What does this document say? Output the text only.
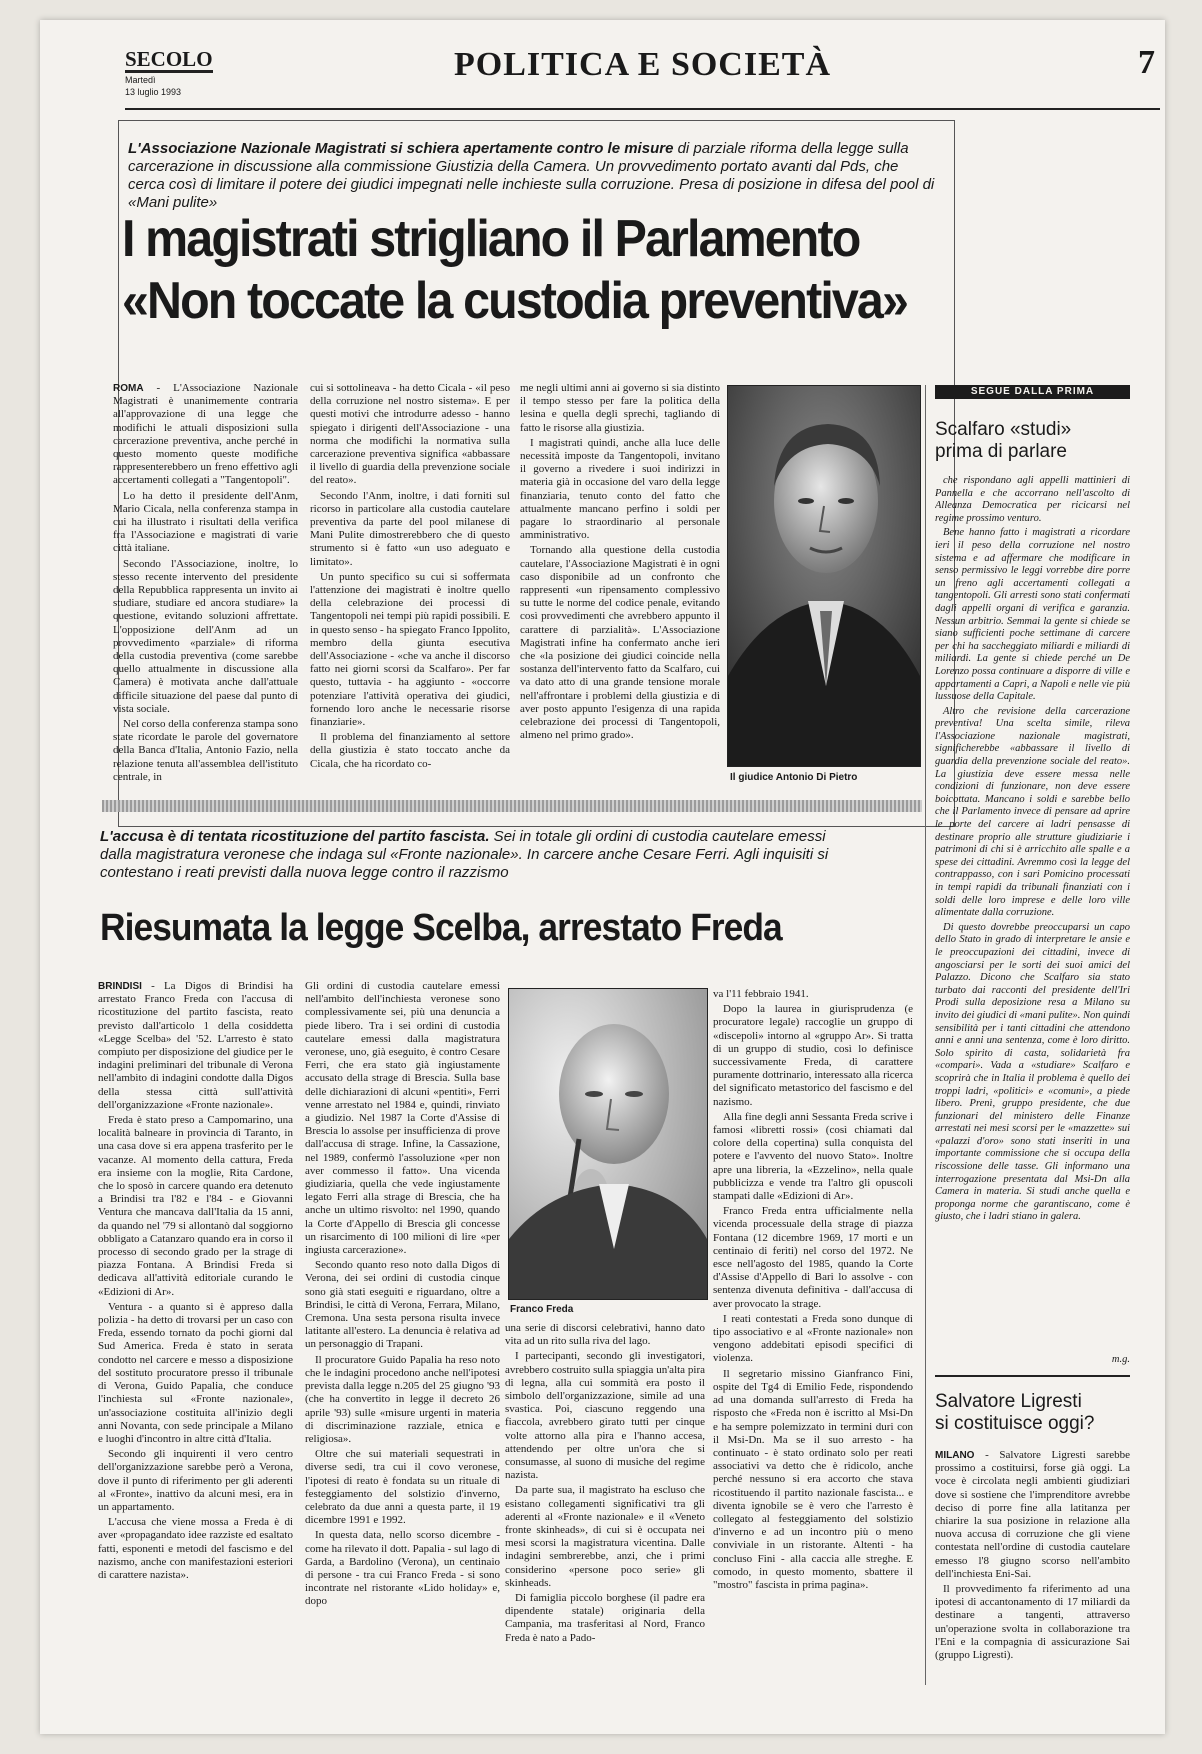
SECOLO
Martedì
13 luglio 1993
POLITICA E SOCIETÀ	7
L'Associazione Nazionale Magistrati si schiera apertamente contro le misure di parziale riforma della legge sulla carcerazione in discussione alla commissione Giustizia della Camera. Un provvedimento portato avanti dal Pds, che cerca così di limitare il potere dei giudici impegnati nelle inchieste sulla corruzione. Presa di posizione in difesa del pool di «Mani pulite»
I magistrati strigliano il Parlamento
«Non toccate la custodia preventiva»

ROMA - L'Associazione Nazionale Magistrati è unanimemente contraria all'approvazione di una legge che modifichi le attuali disposizioni sulla carcerazione preventiva, anche perché in questo momento queste modifiche rappresenterebbero un freno effettivo agli accertamenti collegati a "Tangentopoli".

Lo ha detto il presidente dell'Anm, Mario Cicala, nella conferenza stampa in cui ha illustrato i risultati della verifica fra l'Associazione e magistrati di varie città italiane.

Secondo l'Associazione, inoltre, lo stesso recente intervento del presidente della Repubblica rappresenta un invito ai studiare, studiare ed ancora studiare» la questione, evitando soluzioni affrettate. L'opposizione dell'Anm ad un provvedimento «parziale» di riforma della custodia preventiva (come sarebbe quello attualmente in discussione alla Camera) è motivata anche dall'attuale difficile situazione del paese dal punto di vista sociale.

Nel corso della conferenza stampa sono state ricordate le parole del governatore della Banca d'Italia, Antonio Fazio, nella relazione tenuta all'assemblea dell'istituto centrale, in

cui si sottolineava - ha detto Cicala - «il peso della corruzione nel nostro sistema». E per questi motivi che introdurre adesso - hanno spiegato i dirigenti dell'Associazione - una norma che modifichi la normativa sulla carcerazione preventiva significa «abbassare il livello di guardia della prevenzione sociale del reato».

Secondo l'Anm, inoltre, i dati forniti sul ricorso in particolare alla custodia cautelare preventiva da parte del pool milanese di Mani Pulite dimostrerebbero che di questo strumento si è fatto «un uso adeguato e limitato».

Un punto specifico su cui si soffermata l'attenzione dei magistrati è inoltre quello della celebrazione dei processi di Tangentopoli nei tempi più rapidi possibili. E in questo senso - ha spiegato Franco Ippolito, membro della giunta esecutiva dell'Associazione - «che va anche il discorso fatto nei giorni scorsi da Scalfaro». Per far questo, tuttavia - ha aggiunto - «occorre potenziare l'attività operativa dei giudici, fornendo loro anche le necessarie risorse finanziarie».

Il problema del finanziamento al settore della giustizia è stato toccato anche da Cicala, che ha ricordato co-

me negli ultimi anni ai governo si sia distinto il tempo stesso per fare la politica della lesina e quella degli sprechi, tagliando di fatto le risorse alla giustizia.

I magistrati quindi, anche alla luce delle necessità imposte da Tangentopoli, invitano il governo a rivedere i suoi indirizzi in materia già in occasione del varo della legge finanziaria, tenuto conto del fatto che attualmente mancano perfino i soldi per pagare lo straordinario al personale amministrativo.

Tornando alla questione della custodia cautelare, l'Associazione Magistrati è in ogni caso disponibile ad un confronto che rappresenti «un ripensamento complessivo su tutte le norme del codice penale, evitando così provvedimenti che avrebbero appunto il carattere di parzialità». L'Associazione Magistrati infine ha confermato anche ieri che «la posizione dei giudici coincide nella sostanza dell'intervento fatto da Scalfaro, cui va dato atto di una grande tensione morale nell'affrontare i problemi della giustizia e di aver posto appunto l'esigenza di una rapida celebrazione dei processi di Tangentopoli, almeno nel primo grado».

Il giudice Antonio Di Pietro
L'accusa è di tentata ricostituzione del partito fascista. Sei in totale gli ordini di custodia cautelare emessi dalla magistratura veronese che indaga sul «Fronte nazionale». In carcere anche Cesare Ferri. Agli inquisiti si contestano i reati previsti dalla nuova legge contro il razzismo
Riesumata la legge Scelba, arrestato Freda

BRINDISI - La Digos di Brindisi ha arrestato Franco Freda con l'accusa di ricostituzione del partito fascista, reato previsto dall'articolo 1 della cosiddetta «Legge Scelba» del '52. L'arresto è stato compiuto per disposizione del giudice per le indagini preliminari del tribunale di Verona nell'ambito di indagini condotte dalla Digos della stessa città sull'attività dell'organizzazione «Fronte nazionale».

Freda è stato preso a Campomarino, una località balneare in provincia di Taranto, in una casa dove si era appena trasferito per le vacanze. Al momento della cattura, Freda era insieme con la moglie, Rita Cardone, che lo sposò in carcere quando era detenuto a Brindisi tra l'82 e l'84 - e Giovanni Ventura che mancava dall'Italia da 15 anni, da quando nel '79 si allontanò dal soggiorno obbligato a Catanzaro quando era in corso il processo di secondo grado per la strage di piazza Fontana. A Brindisi Freda si dedicava all'attività editoriale curando le «Edizioni di Ar».

Ventura - a quanto si è appreso dalla polizia - ha detto di trovarsi per un caso con Freda, essendo tornato da pochi giorni dal Sud America. Freda è stato in serata condotto nel carcere e messo a disposizione del sostituto procuratore presso il tribunale di Verona, Guido Papalia, che conduce l'inchiesta sul «Fronte nazionale», un'associazione costituita all'inizio degli anni Novanta, con sede principale a Milano e luoghi d'incontro in altre città d'Italia.

Secondo gli inquirenti il vero centro dell'organizzazione sarebbe però a Verona, dove il punto di riferimento per gli aderenti al «Fronte», inattivo da alcuni mesi, era in un appartamento.

L'accusa che viene mossa a Freda è di aver «propagandato idee razziste ed esaltato fatti, esponenti e metodi del fascismo e del nazismo, anche con manifestazioni esteriori di carattere nazista».

Gli ordini di custodia cautelare emessi nell'ambito dell'inchiesta veronese sono complessivamente sei, più una denuncia a piede libero. Tra i sei ordini di custodia cautelare emessi dalla magistratura veronese, uno, già eseguito, è contro Cesare Ferri, che era stato già ingiustamente accusato della strage di Brescia. Sulla base delle dichiarazioni di alcuni «pentiti», Ferri venne arrestato nel 1984 e, quindi, rinviato a giudizio. Nel 1987 la Corte d'Assise di Brescia lo assolse per insufficienza di prove dall'accusa di strage. Infine, la Cassazione, nel 1989, confermò l'assoluzione «per non aver commesso il fatto». Una vicenda giudiziaria, quella che vede ingiustamente legato Ferri alla strage di Brescia, che ha anche un ultimo risvolto: nel 1990, quando la Corte d'Appello di Brescia gli concesse un risarcimento di 100 milioni di lire «per ingiusta carcerazione».

Secondo quanto reso noto dalla Digos di Verona, dei sei ordini di custodia cinque sono già stati eseguiti e riguardano, oltre a Brindisi, le città di Verona, Ferrara, Milano, Cremona. Una sesta persona risulta invece latitante all'estero. La denuncia è relativa ad un personaggio di Trapani.

Il procuratore Guido Papalia ha reso noto che le indagini procedono anche nell'ipotesi prevista dalla legge n.205 del 25 giugno '93 (che ha convertito in legge il decreto 26 aprile '93) sulle «misure urgenti in materia di discriminazione razziale, etnica e religiosa».

Oltre che sui materiali sequestrati in diverse sedi, tra cui il covo veronese, l'ipotesi di reato è fondata su un rituale di festeggiamento del solstizio d'inverno, celebrato da due anni a questa parte, il 19 dicembre 1991 e 1992.

In questa data, nello scorso dicembre - come ha rilevato il dott. Papalia - sul lago di Garda, a Bardolino (Verona), un centinaio di persone - tra cui Franco Freda - si sono incontrate nel ristorante «Lido holiday» e, dopo

Franco Freda

una serie di discorsi celebrativi, hanno dato vita ad un rito sulla riva del lago.

I partecipanti, secondo gli investigatori, avrebbero costruito sulla spiaggia un'alta pira di legna, alla cui sommità era posto il simbolo dell'organizzazione, simile ad una svastica. Poi, ciascuno reggendo una fiaccola, avrebbero girato tutti per cinque volte attorno alla pira e l'hanno accesa, attendendo per oltre un'ora che si consumasse, al suono di musiche del regime nazista.

Da parte sua, il magistrato ha escluso che esistano collegamenti significativi tra gli aderenti al «Fronte nazionale» e il «Veneto fronte skinheads», di cui si è occupata nei mesi scorsi la magistratura vicentina. Dalle indagini sembrerebbe, anzi, che i primi considerino «persone poco serie» gli skinheads.

Di famiglia piccolo borghese (il padre era dipendente statale) originaria della Campania, ma trasferitasi al Nord, Franco Freda è nato a Pado-

va l'11 febbraio 1941.

Dopo la laurea in giurisprudenza (e procuratore legale) raccoglie un gruppo di «discepoli» intorno al «gruppo Ar». Si tratta di un gruppo di studio, così lo definisce successivamente Freda, di carattere puramente dottrinario, interessato alla ricerca del significato metastorico del fascismo e del nazismo.

Alla fine degli anni Sessanta Freda scrive i famosi «libretti rossi» (così chiamati dal colore della copertina) sulla conquista del potere e l'avvento del nuovo Stato». Inoltre apre una libreria, la «Ezzelino», nella quale pubblicizza e vende tra l'altro gli opuscoli stampati dalle «Edizioni di Ar».

Franco Freda entra ufficialmente nella vicenda processuale della strage di piazza Fontana (12 dicembre 1969, 17 morti e un centinaio di feriti) nel corso del 1972. Ne esce nell'agosto del 1985, quando la Corte d'Assise d'Appello di Bari lo assolve - con sentenza divenuta definitiva - dall'accusa di aver provocato la strage.

I reati contestati a Freda sono dunque di tipo associativo e al «Fronte nazionale» non vengono addebitati episodi specifici di violenza.

Il segretario missino Gianfranco Fini, ospite del Tg4 di Emilio Fede, rispondendo ad una domanda sull'arresto di Freda ha risposto che «Freda non è iscritto al Msi-Dn e ha sempre polemizzato in termini duri con il Msi-Dn. Ma se il suo arresto - ha continuato - è stato ordinato solo per reati associativi va detto che è ridicolo, anche perché nessuno si era accorto che stava ricostituendo il partito nazionale fascista... e diventa ignobile se è vero che l'arresto è collegato al festeggiamento del solstizio d'inverno e ad un incontro più o meno conviviale in un ristorante. Altenti - ha concluso Fini - alla caccia alle streghe. E comodo, in questo momento, sbattere il "mostro" fascista in prima pagina».

SEGUE DALLA PRIMA
Scalfaro «studi»
prima di parlare

che rispondano agli appelli mattinieri di Pannella e che accorrano nell'ascolto di Alleanza Democratica per ricicarsi nel regime prossimo venturo.

Bene hanno fatto i magistrati a ricordare ieri il peso della corruzione nel nostro sistema e ad affermare che modificare in senso permissivo le leggi vorrebbe dire porre un freno agli accertamenti collegati a tangentopoli. Gli arresti sono stati confermati dagli appelli organi di verifica e garanzia. Nessun arbitrio. Semmai la gente si chiede se siano sufficienti poche settimane di carcere per chi ha saccheggiato miliardi e miliardi di miliardi. La gente si chiede perché un De Lorenzo possa continuare a disporre di ville e appartamenti a Capri, a Napoli e nelle vie più lussuose della Capitale.

Altro che revisione della carcerazione preventiva! Una scelta simile, rileva l'Associazione nazionale magistrati, significherebbe «abbassare il livello di guardia della prevenzione sociale del reato». La giustizia deve essere messa nelle condizioni di funzionare, non deve essere boicottata. Mancano i soldi e sarebbe bello che il Parlamento invece di pensare ad aprire le porte del carcere ai ladri pensasse di destinare proprio alle strutture giudiziarie i patrimoni di chi si è arricchito alle spalle e a spese dei cittadini. Avremmo così la legge del contrappasso, con i sari Pomicino processati in tempi rapidi da tribunali finanziati con i soldi delle loro imprese e delle loro ville alimentate dalla corruzione.

Di questo dovrebbe preoccuparsi un capo dello Stato in grado di interpretare le ansie e le preoccupazioni dei cittadini, invece di angosciarsi per le sorti dei suoi amici del Palazzo. Dicono che Scalfaro sia stato turbato dai racconti del presidente dell'Iri Prodi sulla deposizione resa a Milano su invito dei giudici di «mani pulite». Non quindi sensibilità per i tanti cittadini che attendono anni e anni una sentenza, come è loro diritto. Solo spirito di casta, solidarietà fra «compari». Vada a «studiare» Scalfaro e scoprirà che in Italia il problema è quello dei troppi ladri, «politici» e «comuni», a piede libero. Prenì, gruppo presidente, che due funzionari del ministero delle Finanze arrestati nei mesi scorsi per le «mazzette» sui «palazzi d'oro» sono stati inseriti in una importante commissione che si occupa della riscossione delle tasse. Gli informano una interrogazione presentata dal Msi-Dn alla Camera in materia. Si studi anche quella e proponga norme che garantiscano, come è giusto, che i ladri stiano in galera.

m.g.
Salvatore Ligresti
si costituisce oggi?

MILANO - Salvatore Ligresti sarebbe prossimo a costituirsi, forse già oggi. La voce è circolata negli ambienti giudiziari dove si sostiene che l'imprenditore avrebbe deciso di porre fine alla latitanza per chiarire la sua posizione in relazione alla nuova accusa di corruzione che gli viene contestata nell'ordine di custodia cautelare emesso l'8 giugno scorso nell'ambito dell'inchiesta Eni-Sai.

Il provvedimento fa riferimento ad una ipotesi di accantonamento di 17 miliardi da destinare a tangenti, attraverso un'operazione svolta in collaborazione tra l'Eni e la compagnia di assicurazione Sai (gruppo Ligresti).
